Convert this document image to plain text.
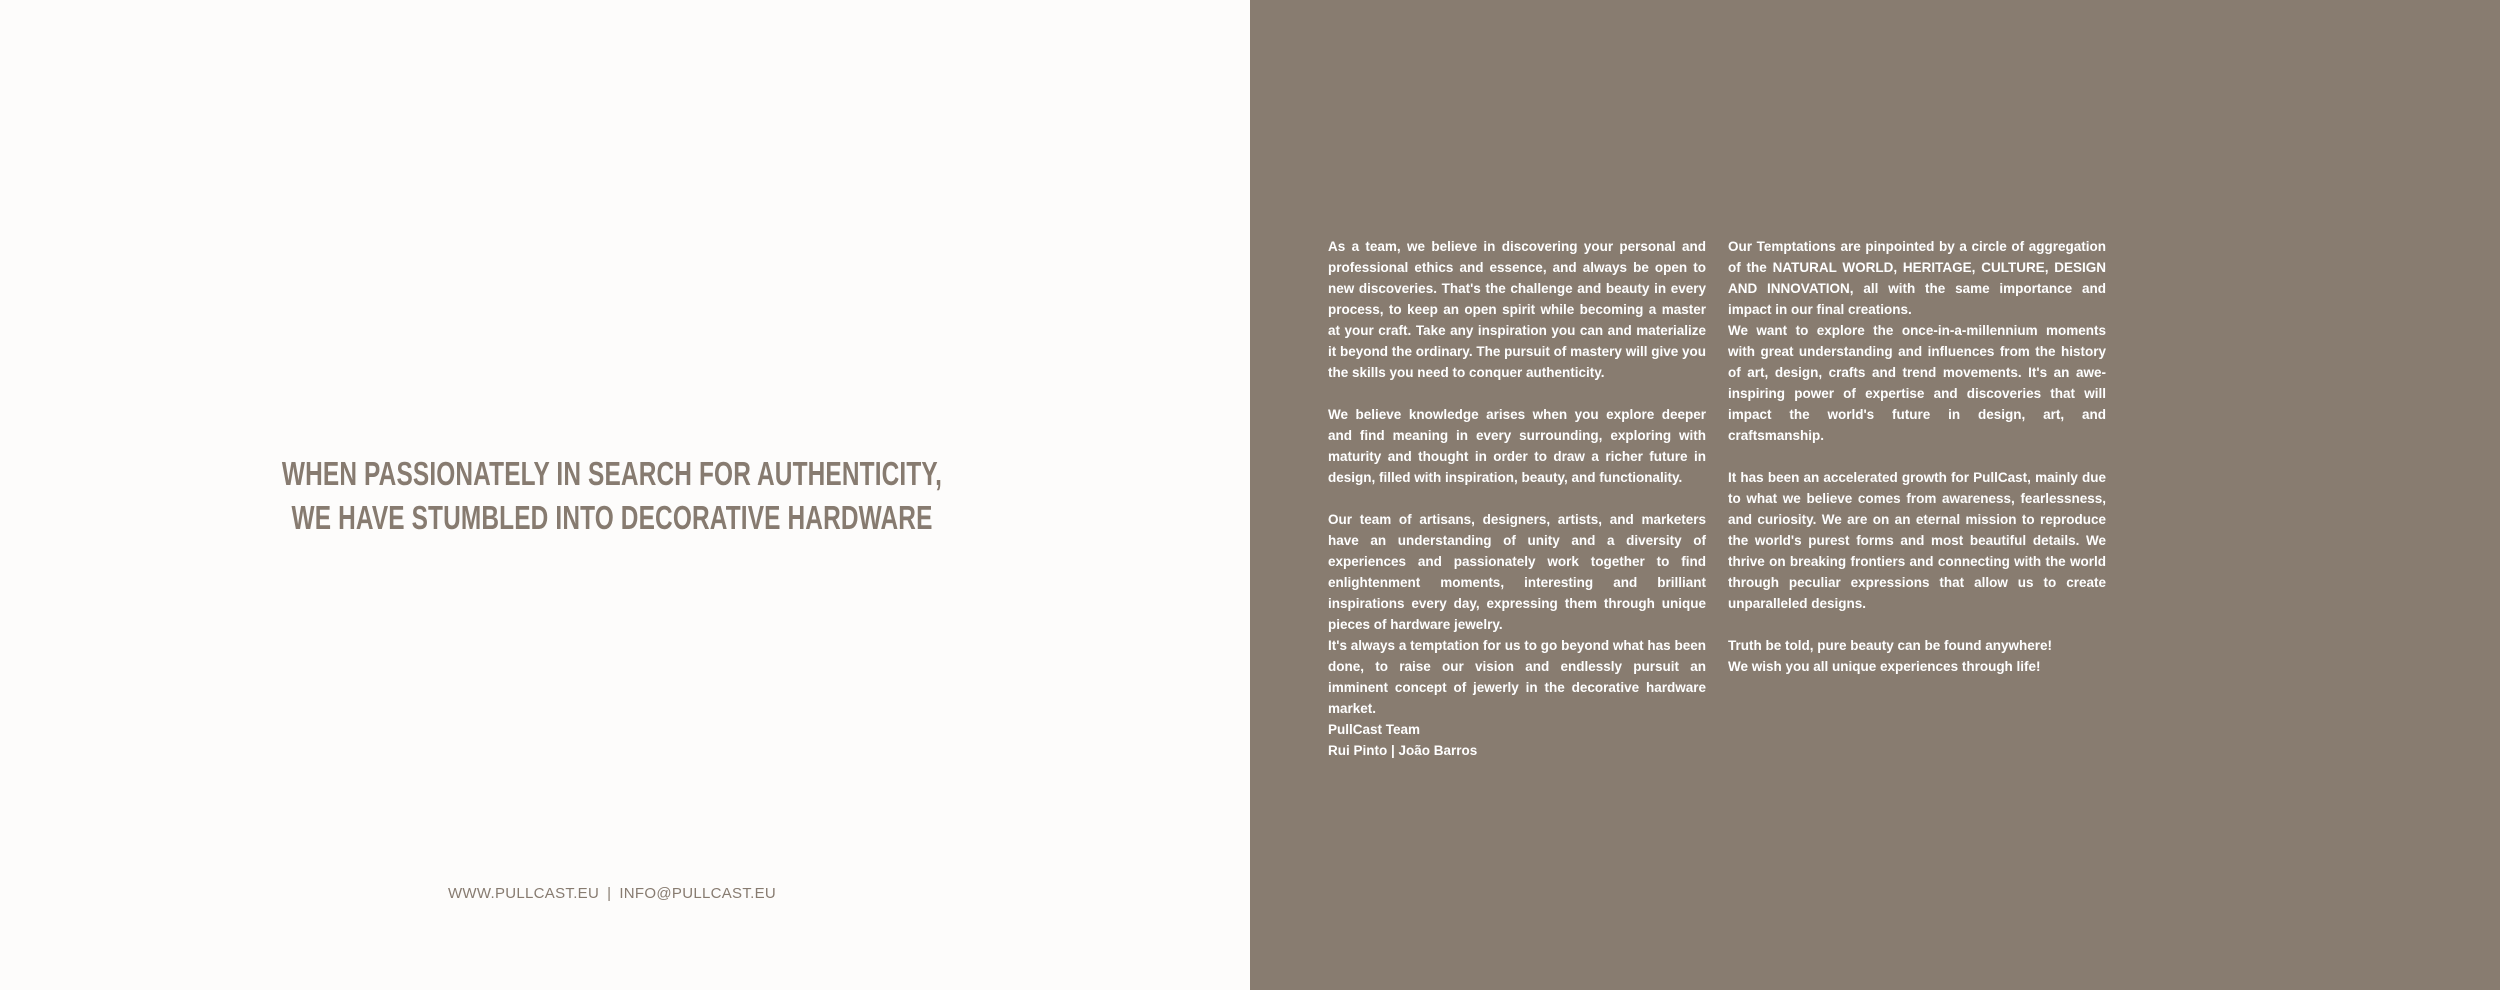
WHEN PASSIONATELY IN SEARCH FOR AUTHENTICITY,
WE HAVE STUMBLED INTO DECORATIVE HARDWARE
WWW.PULLCAST.EU | INFO@PULLCAST.EU

As a team, we believe in discovering your personal and professional ethics and essence, and always be open to new discoveries. That's the challenge and beauty in every process, to keep an open spirit while becoming a master at your craft. Take any inspiration you can and materialize it beyond the ordinary. The pursuit of mastery will give you the skills you need to conquer authenticity.

We believe knowledge arises when you explore deeper and find meaning in every surrounding, exploring with maturity and thought in order to draw a richer future in design, filled with inspiration, beauty, and functionality.

Our team of artisans, designers, artists, and marketers have an understanding of unity and a diversity of experiences and passionately work together to find enlightenment moments, interesting and brilliant inspirations every day, expressing them through unique pieces of hardware jewelry.

It's always a temptation for us to go beyond what has been done, to raise our vision and endlessly pursuit an imminent concept of jewerly in the decorative hardware market.

Our Temptations are pinpointed by a circle of aggregation of the NATURAL WORLD, HERITAGE, CULTURE, DESIGN AND INNOVATION, all with the same importance and impact in our final creations.

We want to explore the once-in-a-millennium moments with great understanding and influences from the history of art, design, crafts and trend movements. It's an awe-inspiring power of expertise and discoveries that will impact the world's future in design, art, and craftsmanship.

It has been an accelerated growth for PullCast, mainly due to what we believe comes from awareness, fearlessness, and curiosity. We are on an eternal mission to reproduce the world's purest forms and most beautiful details. We thrive on breaking frontiers and connecting with the world through peculiar expressions that allow us to create unparalleled designs.

Truth be told, pure beauty can be found anywhere!

We wish you all unique experiences through life!

PullCast Team
Rui Pinto | João Barros
